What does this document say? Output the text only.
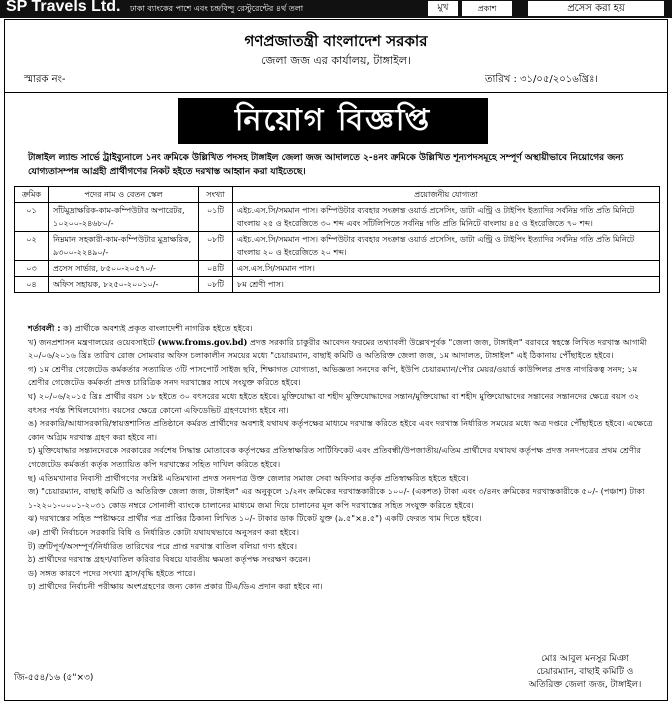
SP Travels Ltd. ঢাকা ব্যাংকের পাশে এবং চন্দ্রবিন্দু রেস্টুরেন্টের ৪র্থ তলা	মুখ	প্রকাশ	প্রসেস করা হয়
গণপ্রজাতন্ত্রী বাংলাদেশ সরকার
জেলা জজ এর কার্যালয়, টাঙ্গাইল।
স্মারক নং-	তারিখ : ৩১/০৫/২০১৬খ্রিঃ।
নিয়োগ বিজ্ঞপ্তি
টাঙ্গাইল ল্যান্ড সার্ভে ট্রাইব্যুনালে ১নং ক্রমিকে উল্লিখিত পদসহ টাঙ্গাইল জেলা জজ আদালতে ২-৪নং ক্রমিকে উল্লিখিত শূন্যপদসমূহে সম্পূর্ণ অস্থায়ীভাবে নিয়োগের জন্য যোগ্যতাসম্পন্ন আগ্রহী প্রার্থীগণের নিকট হইতে দরখাস্ত আহ্বান করা যাইতেছে।
ক্রমিক	পদের নাম ও বেতন স্কেল	সংখ্যা	প্রয়োজনীয় যোগ্যতা
০১	সাঁটমুদ্রাক্ষরিক-কাম-কম্পিউটার অপারেটর, ১০২০০-২৪৬৮০/-	০১টি	এইচ.এস.সি/সমমান পাস। কম্পিউটার ব্যবহার সংক্রান্ত ওয়ার্ড প্রসেসিং, ডাটা এন্ট্রি ও টাইপিং ইত্যাদির সর্বনিম্ন গতি প্রতি মিনিটে বাংলায় ২৫ ও ইংরেজিতে ৩০ শব্দ এবং সাঁটলিপিতে সর্বনিম্ন গতি প্রতি মিনিটে বাংলায় ৪৫ ও ইংরেজিতে ৭০ শব্দ।
০২	নিম্নমান সহকারী-কাম-কম্পিউটার মুদ্রাক্ষরিক, ৯৩০০-২২৪৯০/-	০৮টি	এইচ.এস.সি/সমমান পাস। কম্পিউটার ব্যবহার সংক্রান্ত ওয়ার্ড প্রসেসিং, ডাটা এন্ট্রি ও টাইপিং ইত্যাদির সর্বনিম্ন গতি প্রতি মিনিটে বাংলায় ২০ ও ইংরেজিতে ২০ শব্দ।
০৩	প্রসেস সার্ভার, ৮৫০০-২০৫৭০/-	০৪টি	এস.এস.সি/সমমান পাস।
০৪	অফিস সহায়ক, ৮২৫০-২০০১০/-	০৮টি	৮ম শ্রেণী পাস।
শর্তাবলী : ক) প্রার্থীকে অবশ্যই প্রকৃত বাংলাদেশী নাগরিক হইতে হইবে।
খ) জনপ্রশাসন মন্ত্রণালয়ের ওয়েবসাইটে (www.froms.gov.bd) প্রদত্ত সরকারি চাকুরীর আবেদন ফরমের তথ্যাবলী উল্লেখপূর্বক "জেলা জজ, টাঙ্গাইল" বরাবরে স্বহস্তে লিখিত দরখাস্ত আগামী ২০/০৬/২০১৬ খ্রিঃ তারিখ রোজ সোমবার অফিস চলাকালীন সময়ের মধ্যে "চেয়ারম্যান, বাছাই কমিটি ও অতিরিক্ত জেলা জজ, ১ম আদালত, টাঙ্গাইল" এই ঠিকানায় পৌঁছাইতে হইবে।
গ) ১ম শ্রেণীর গেজেটেড কর্মকর্তার সত্যায়িত ৩টি পাসপোর্ট সাইজ ছবি, শিক্ষাগত যোগ্যতা, অভিজ্ঞতা সনদের কপি, ইউপি চেয়ারম্যান/পৌর মেয়র/ওয়ার্ড কাউন্সিলর প্রদত্ত নাগরিকত্ব সনদ; ১ম শ্রেণীর গেজেটেড কর্মকর্তা প্রদত্ত চারিত্রিক সনদ দরখাস্তের সাথে সংযুক্ত করিতে হইবে।
ঘ) ২০/০৬/২০১৫ খ্রিঃ প্রার্থীর বয়স ১৮ হইতে ৩০ বৎসরের মধ্যে হইতে হইবে। মুক্তিযোদ্ধা বা শহীদ মুক্তিযোদ্ধাদের সন্তান/মুক্তিযোদ্ধা বা শহীদ মুক্তিযোদ্ধাদের সন্তানের সন্তানদের ক্ষেত্রে বয়স ৩২ বৎসর পর্যন্ত শিথিলযোগ্য। বয়সের ক্ষেত্রে কোনো এফিডেভিট গ্রহণযোগ্য হইবে না।
ঙ) সরকারি/আধাসরকারি/স্বায়ত্তশাসিত প্রতিষ্ঠানে কর্মরত প্রার্থীদের অবশ্যই যথাযথ কর্তৃপক্ষের মাধ্যমে দরখাস্ত করিতে হইবে এবং দরখাস্ত নির্ধারিত সময়ের মধ্যে অত্র দপ্তরে পৌঁছাইতে হইবে। এক্ষেত্রে কোন অগ্রিম দরখাস্ত গ্রহণ করা হইবে না।
চ) মুক্তিযোদ্ধার সন্তানদেরকে সরকারের সর্বশেষ সিদ্ধান্ত মোতাবেক কর্তৃপক্ষের প্রতিস্বাক্ষরিত সার্টিফিকেট এবং প্রতিবন্ধী/উপজাতীয়/এতিম প্রার্থীদের যথাযথ কর্তৃপক্ষ প্রদত্ত সনদপত্রের প্রথম শ্রেণীর গেজেটেড কর্মকর্তা কর্তৃক সত্যায়িত কপি দরখাস্তের সহিত দাখিল করিতে হইবে।
ছ) এতিমখানার নিবাসী প্রার্থীগণের সংশ্লিষ্ট এতিমখানা প্রদত্ত সনদপত্র উক্ত জেলার সমাজ সেবা অফিসার কর্তৃক প্রতিস্বাক্ষরিত হইতে হইবে।
জ) "চেয়ারম্যান, বাছাই কমিটি ও অতিরিক্ত জেলা জজ, টাঙ্গাইল" এর অনুকূলে ১/২নং ক্রমিকের দরখাস্তকারীকে ১০০/- (একশত) টাকা এবং ৩/৪নং ক্রমিকের দরখাস্তকারীকে ৫০/- (পঞ্চাশ) টাকা ১-২২০১-০০০১-২০৩১ কোড নম্বরে সোনালী ব্যাংকে চালানের মাধ্যমে জমা দিয়ে চালানের মূল কপি দরখাস্তের সহিত সংযুক্ত করিতে হইবে।
ঝ) দরখাস্তের সহিত স্পষ্টাক্ষরে প্রার্থীর পত্র প্রাপ্তির ঠিকানা লিখিত ১০/- টাকার ডাক টিকেট যুক্ত (৯.৫"×৪.৫") একটি ফেরত খাম দিতে হইবে।
ঞ) প্রার্থী নির্বাচনে সরকারি বিধি ও নির্ধারিত কোটা যথাযথভাবে অনুসরণ করা হইবে।
ট) ত্রুটিপূর্ণ/অসম্পূর্ণ/নির্ধারিত তারিখের পরে প্রাপ্ত দরখাস্ত বাতিল বলিয়া গণ্য হইবে।
ঠ) প্রার্থীদের দরখাস্ত গ্রহণ/বাতিল করিবার বিষয়ে যাবতীয় ক্ষমতা কর্তৃপক্ষ সংরক্ষণ করেন।
ড) সঙ্গত কারণে পদের সংখ্যা হ্রাস/বৃদ্ধি হইতে পারে।
ঢ) প্রার্থীদের নির্বাচনী পরীক্ষায় অংশগ্রহণের জন্য কোন প্রকার টিএ/ডিএ প্রদান করা হইবে না।
মোঃ আবুল মনসুর মিঞা
চেয়ারম্যান, বাছাই কমিটি ও
অতিরিক্ত জেলা জজ, টাঙ্গাইল।
জি-৫৫৪/১৬ (৫"×৩)
